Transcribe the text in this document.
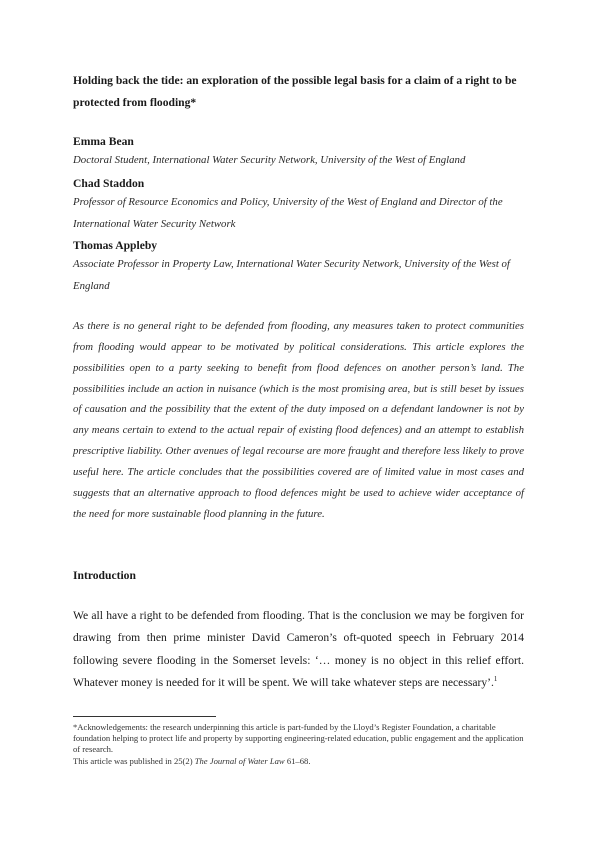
Holding back the tide: an exploration of the possible legal basis for a claim of a right to be protected from flooding*

Emma Bean

Doctoral Student, International Water Security Network, University of the West of England

Chad Staddon

Professor of Resource Economics and Policy, University of the West of England and Director of the International Water Security Network

Thomas Appleby

Associate Professor in Property Law, International Water Security Network, University of the West of England

As there is no general right to be defended from flooding, any measures taken to protect communities from flooding would appear to be motivated by political considerations. This article explores the possibilities open to a party seeking to benefit from flood defences on another person’s land. The possibilities include an action in nuisance (which is the most promising area, but is still beset by issues of causation and the possibility that the extent of the duty imposed on a defendant landowner is not by any means certain to extend to the actual repair of existing flood defences) and an attempt to establish prescriptive liability. Other avenues of legal recourse are more fraught and therefore less likely to prove useful here. The article concludes that the possibilities covered are of limited value in most cases and suggests that an alternative approach to flood defences might be used to achieve wider acceptance of the need for more sustainable flood planning in the future.

Introduction

We all have a right to be defended from flooding. That is the conclusion we may be forgiven for drawing from then prime minister David Cameron’s oft-quoted speech in February 2014 following severe flooding in the Somerset levels: ‘… money is no object in this relief effort. Whatever money is needed for it will be spent. We will take whatever steps are necessary’.$^1$

*Acknowledgements: the research underpinning this article is part-funded by the Lloyd’s Register Foundation, a charitable foundation helping to protect life and property by supporting engineering-related education, public engagement and the application of research.
This article was published in 25(2) The Journal of Water Law 61–68.
